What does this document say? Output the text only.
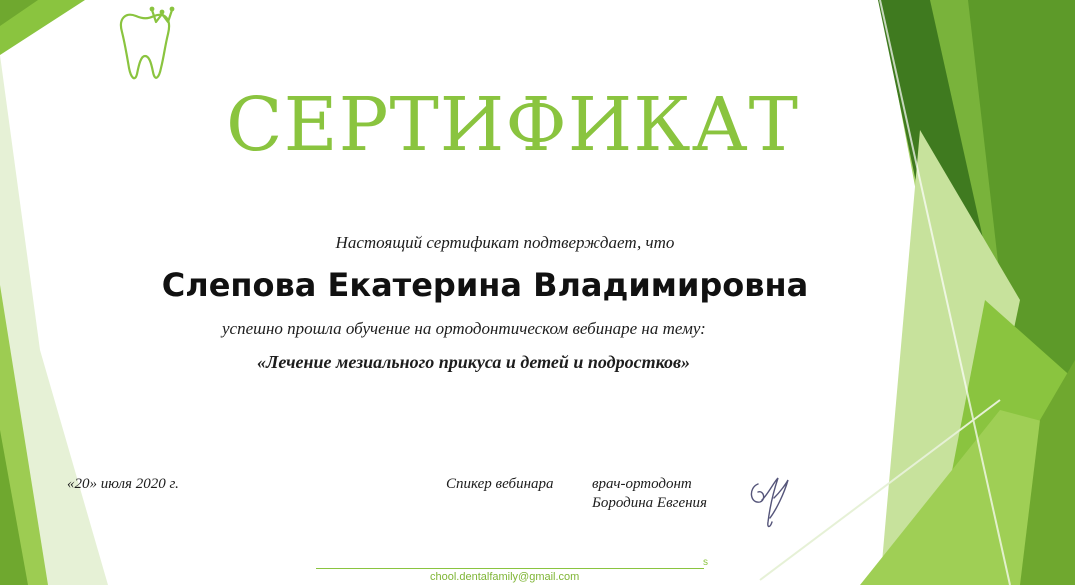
СЕРТИФИКАТ
Настоящий сертификат подтверждает, что
Слепова Екатерина Владимировна
успешно прошла обучение на ортодонтическом вебинаре на тему:
«Лечение мезиального прикуса и детей и подростков»
«20» июля 2020 г.	Спикер вебинара	врач-ортодонт
Бородина Евгения
s
chool.dentalfamily@gmail.com
